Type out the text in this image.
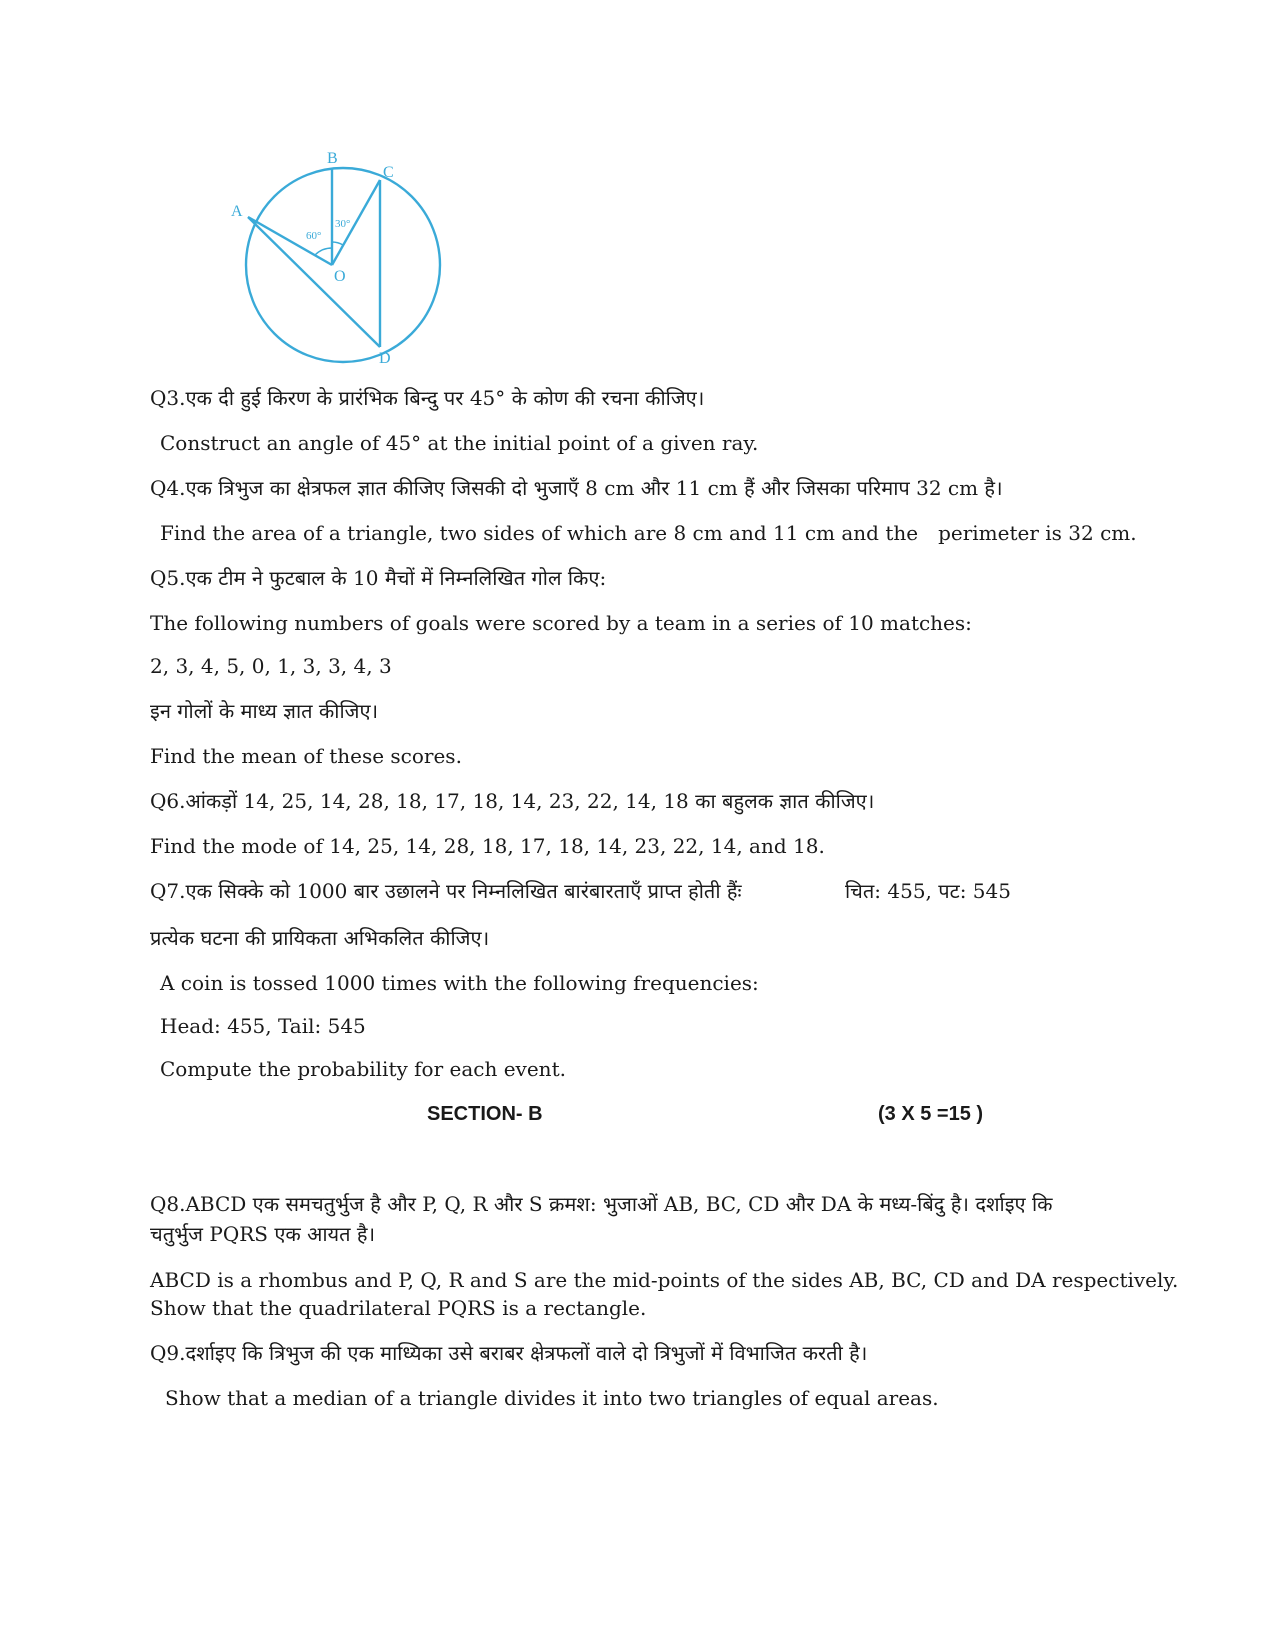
B
C
A
O
D
60°
30°
Q3.एक दी हुई किरण के प्रारंभिक बिन्दु पर 45° के कोण की रचना कीजिए।
Construct an angle of 45° at the initial point of a given ray.
Q4.एक त्रिभुज का क्षेत्रफल ज्ञात कीजिए जिसकी दो भुजाएँ 8 cm और 11 cm हैं और जिसका परिमाप 32 cm है।
Find the area of a triangle, two sides of which are 8 cm and 11 cm and the perimeter is 32 cm.
Q5.एक टीम ने फुटबाल के 10 मैचों में निम्नलिखित गोल किए:
The following numbers of goals were scored by a team in a series of 10 matches:
2, 3, 4, 5, 0, 1, 3, 3, 4, 3
इन गोलों के माध्य ज्ञात कीजिए।
Find the mean of these scores.
Q6.आंकड़ों 14, 25, 14, 28, 18, 17, 18, 14, 23, 22, 14, 18 का बहुलक ज्ञात कीजिए।
Find the mode of 14, 25, 14, 28, 18, 17, 18, 14, 23, 22, 14, and 18.
Q7.एक सिक्के को 1000 बार उछालने पर निम्नलिखित बारंबारताएँ प्राप्त होती हैंः	चित: 455, पट: 545
प्रत्येक घटना की प्रायिकता अभिकलित कीजिए।
A coin is tossed 1000 times with the following frequencies:
Head: 455, Tail: 545
Compute the probability for each event.
SECTION- B	(3 X 5 =15 )
Q8.ABCD एक समचतुर्भुज है और P, Q, R और S क्रमश: भुजाओं AB, BC, CD और DA के मध्य-बिंदु है। दर्शाइए कि
चतुर्भुज PQRS एक आयत है।
ABCD is a rhombus and P, Q, R and S are the mid-points of the sides AB, BC, CD and DA respectively.
Show that the quadrilateral PQRS is a rectangle.
Q9.दर्शाइए कि त्रिभुज की एक माध्यिका उसे बराबर क्षेत्रफलों वाले दो त्रिभुजों में विभाजित करती है।
Show that a median of a triangle divides it into two triangles of equal areas.
